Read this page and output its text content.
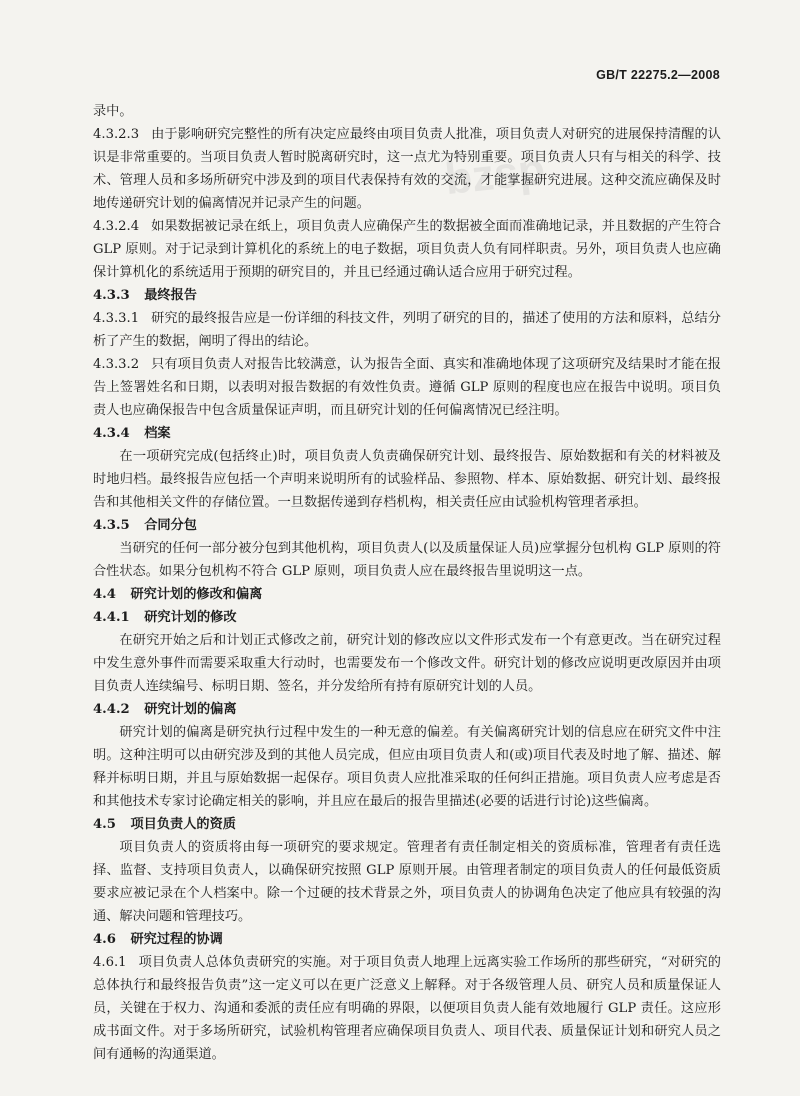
bzsp
GB/T 22275.2—2008

录中。

4.3.2.3 由于影响研究完整性的所有决定应最终由项目负责人批准，项目负责人对研究的进展保持清醒的认识是非常重要的。当项目负责人暂时脱离研究时，这一点尤为特别重要。项目负责人只有与相关的科学、技术、管理人员和多场所研究中涉及到的项目代表保持有效的交流，才能掌握研究进展。这种交流应确保及时地传递研究计划的偏离情况并记录产生的问题。

4.3.2.4 如果数据被记录在纸上，项目负责人应确保产生的数据被全面而准确地记录，并且数据的产生符合 GLP 原则。对于记录到计算机化的系统上的电子数据，项目负责人负有同样职责。另外，项目负责人也应确保计算机化的系统适用于预期的研究目的，并且已经通过确认适合应用于研究过程。

4.3.3 最终报告

4.3.3.1 研究的最终报告应是一份详细的科技文件，列明了研究的目的，描述了使用的方法和原料，总结分析了产生的数据，阐明了得出的结论。

4.3.3.2 只有项目负责人对报告比较满意，认为报告全面、真实和准确地体现了这项研究及结果时才能在报告上签署姓名和日期，以表明对报告数据的有效性负责。遵循 GLP 原则的程度也应在报告中说明。项目负责人也应确保报告中包含质量保证声明，而且研究计划的任何偏离情况已经注明。

4.3.4 档案

在一项研究完成(包括终止)时，项目负责人负责确保研究计划、最终报告、原始数据和有关的材料被及时地归档。最终报告应包括一个声明来说明所有的试验样品、参照物、样本、原始数据、研究计划、最终报告和其他相关文件的存储位置。一旦数据传递到存档机构，相关责任应由试验机构管理者承担。

4.3.5 合同分包

当研究的任何一部分被分包到其他机构，项目负责人(以及质量保证人员)应掌握分包机构 GLP 原则的符合性状态。如果分包机构不符合 GLP 原则，项目负责人应在最终报告里说明这一点。

4.4 研究计划的修改和偏离

4.4.1 研究计划的修改

在研究开始之后和计划正式修改之前，研究计划的修改应以文件形式发布一个有意更改。当在研究过程中发生意外事件而需要采取重大行动时，也需要发布一个修改文件。研究计划的修改应说明更改原因并由项目负责人连续编号、标明日期、签名，并分发给所有持有原研究计划的人员。

4.4.2 研究计划的偏离

研究计划的偏离是研究执行过程中发生的一种无意的偏差。有关偏离研究计划的信息应在研究文件中注明。这种注明可以由研究涉及到的其他人员完成，但应由项目负责人和(或)项目代表及时地了解、描述、解释并标明日期，并且与原始数据一起保存。项目负责人应批准采取的任何纠正措施。项目负责人应考虑是否和其他技术专家讨论确定相关的影响，并且应在最后的报告里描述(必要的话进行讨论)这些偏离。

4.5 项目负责人的资质

项目负责人的资质将由每一项研究的要求规定。管理者有责任制定相关的资质标准，管理者有责任选择、监督、支持项目负责人，以确保研究按照 GLP 原则开展。由管理者制定的项目负责人的任何最低资质要求应被记录在个人档案中。除一个过硬的技术背景之外，项目负责人的协调角色决定了他应具有较强的沟通、解决问题和管理技巧。

4.6 研究过程的协调

4.6.1 项目负责人总体负责研究的实施。对于项目负责人地理上远离实验工作场所的那些研究，“对研究的总体执行和最终报告负责”这一定义可以在更广泛意义上解释。对于各级管理人员、研究人员和质量保证人员，关键在于权力、沟通和委派的责任应有明确的界限，以便项目负责人能有效地履行 GLP 责任。这应形成书面文件。对于多场所研究，试验机构管理者应确保项目负责人、项目代表、质量保证计划和研究人员之间有通畅的沟通渠道。
